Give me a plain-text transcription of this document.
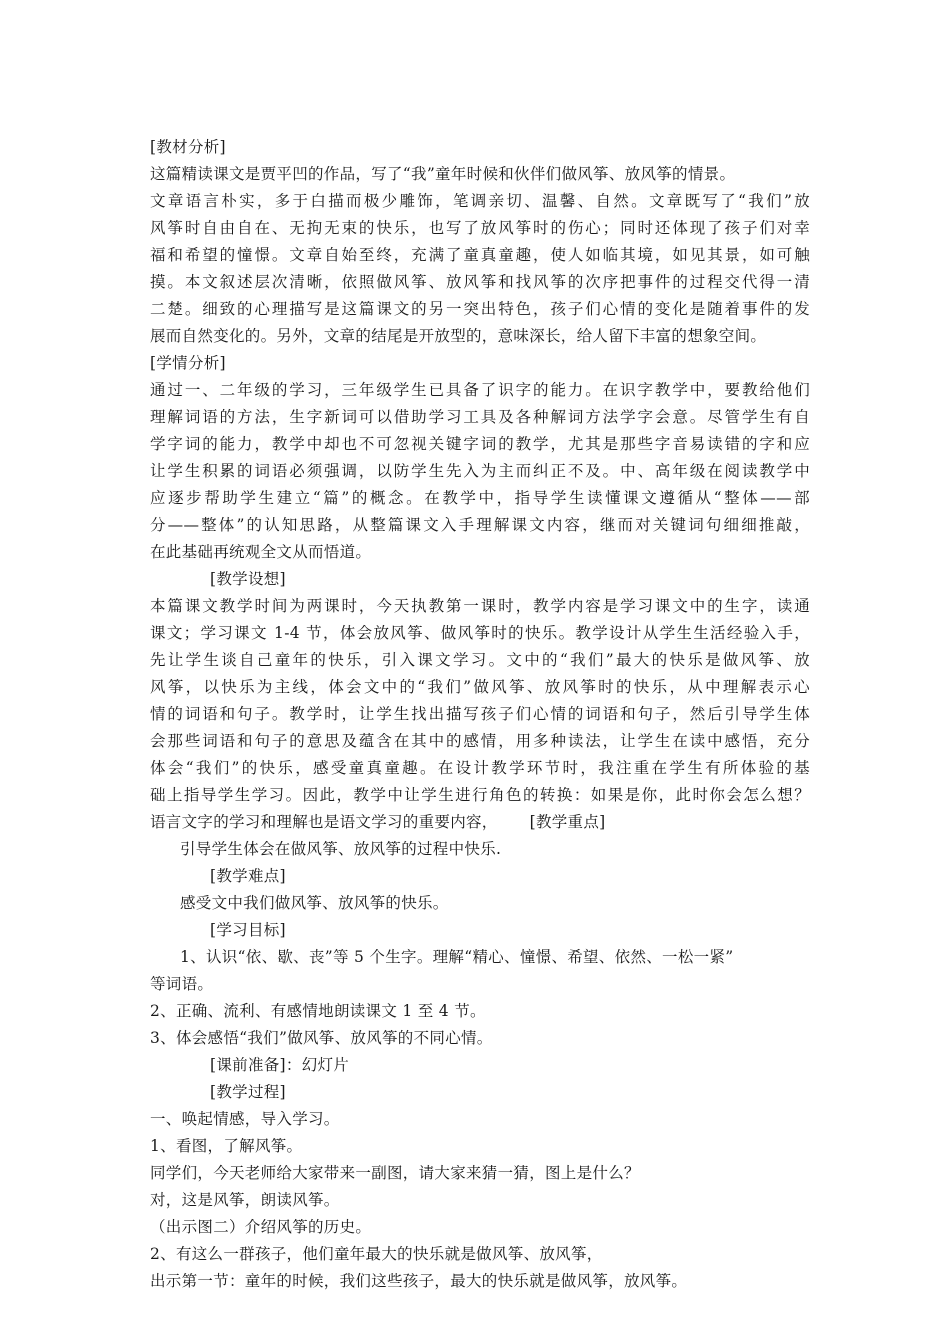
[教材分析]
这篇精读课文是贾平凹的作品，写了“我”童年时候和伙伴们做风筝、放风筝的情景。
文章语言朴实，多于白描而极少雕饰，笔调亲切、温馨、自然。文章既写了“我们”放
风筝时自由自在、无拘无束的快乐，也写了放风筝时的伤心；同时还体现了孩子们对幸
福和希望的憧憬。文章自始至终，充满了童真童趣，使人如临其境，如见其景，如可触
摸。本文叙述层次清晰，依照做风筝、放风筝和找风筝的次序把事件的过程交代得一清
二楚。细致的心理描写是这篇课文的另一突出特色，孩子们心情的变化是随着事件的发
展而自然变化的。另外，文章的结尾是开放型的，意味深长，给人留下丰富的想象空间。
[学情分析]
通过一、二年级的学习，三年级学生已具备了识字的能力。在识字教学中，要教给他们
理解词语的方法，生字新词可以借助学习工具及各种解词方法学字会意。尽管学生有自
学字词的能力，教学中却也不可忽视关键字词的教学，尤其是那些字音易读错的字和应
让学生积累的词语必须强调，以防学生先入为主而纠正不及。中、高年级在阅读教学中
应逐步帮助学生建立“篇”的概念。在教学中，指导学生读懂课文遵循从“整体——部
分——整体”的认知思路，从整篇课文入手理解课文内容，继而对关键词句细细推敲，
在此基础再统观全文从而悟道。
[教学设想]
本篇课文教学时间为两课时，今天执教第一课时，教学内容是学习课文中的生字，读通
课文；学习课文 1-4 节，体会放风筝、做风筝时的快乐。教学设计从学生生活经验入手，
先让学生谈自己童年的快乐，引入课文学习。文中的“我们”最大的快乐是做风筝、放
风筝，以快乐为主线，体会文中的“我们”做风筝、放风筝时的快乐，从中理解表示心
情的词语和句子。教学时，让学生找出描写孩子们心情的词语和句子，然后引导学生体
会那些词语和句子的意思及蕴含在其中的感情，用多种读法，让学生在读中感悟，充分
体会“我们”的快乐，感受童真童趣。在设计教学环节时，我注重在学生有所体验的基
础上指导学生学习。因此，教学中让学生进行角色的转换：如果是你，此时你会怎么想？
语言文字的学习和理解也是语文学习的重要内容， [教学重点]
引导学生体会在做风筝、放风筝的过程中快乐.
[教学难点]
感受文中我们做风筝、放风筝的快乐。
[学习目标]
1、认识“依、歇、丧”等 5 个生字。理解“精心、憧憬、希望、依然、一松一紧”
等词语。
2、正确、流利、有感情地朗读课文 1 至 4 节。
3、体会感悟“我们”做风筝、放风筝的不同心情。
[课前准备]：幻灯片
[教学过程]
一、唤起情感，导入学习。
1、看图，了解风筝。
同学们，今天老师给大家带来一副图，请大家来猜一猜，图上是什么？
对，这是风筝，朗读风筝。
（出示图二）介绍风筝的历史。
2、有这么一群孩子，他们童年最大的快乐就是做风筝、放风筝，
出示第一节：童年的时候，我们这些孩子，最大的快乐就是做风筝，放风筝。
